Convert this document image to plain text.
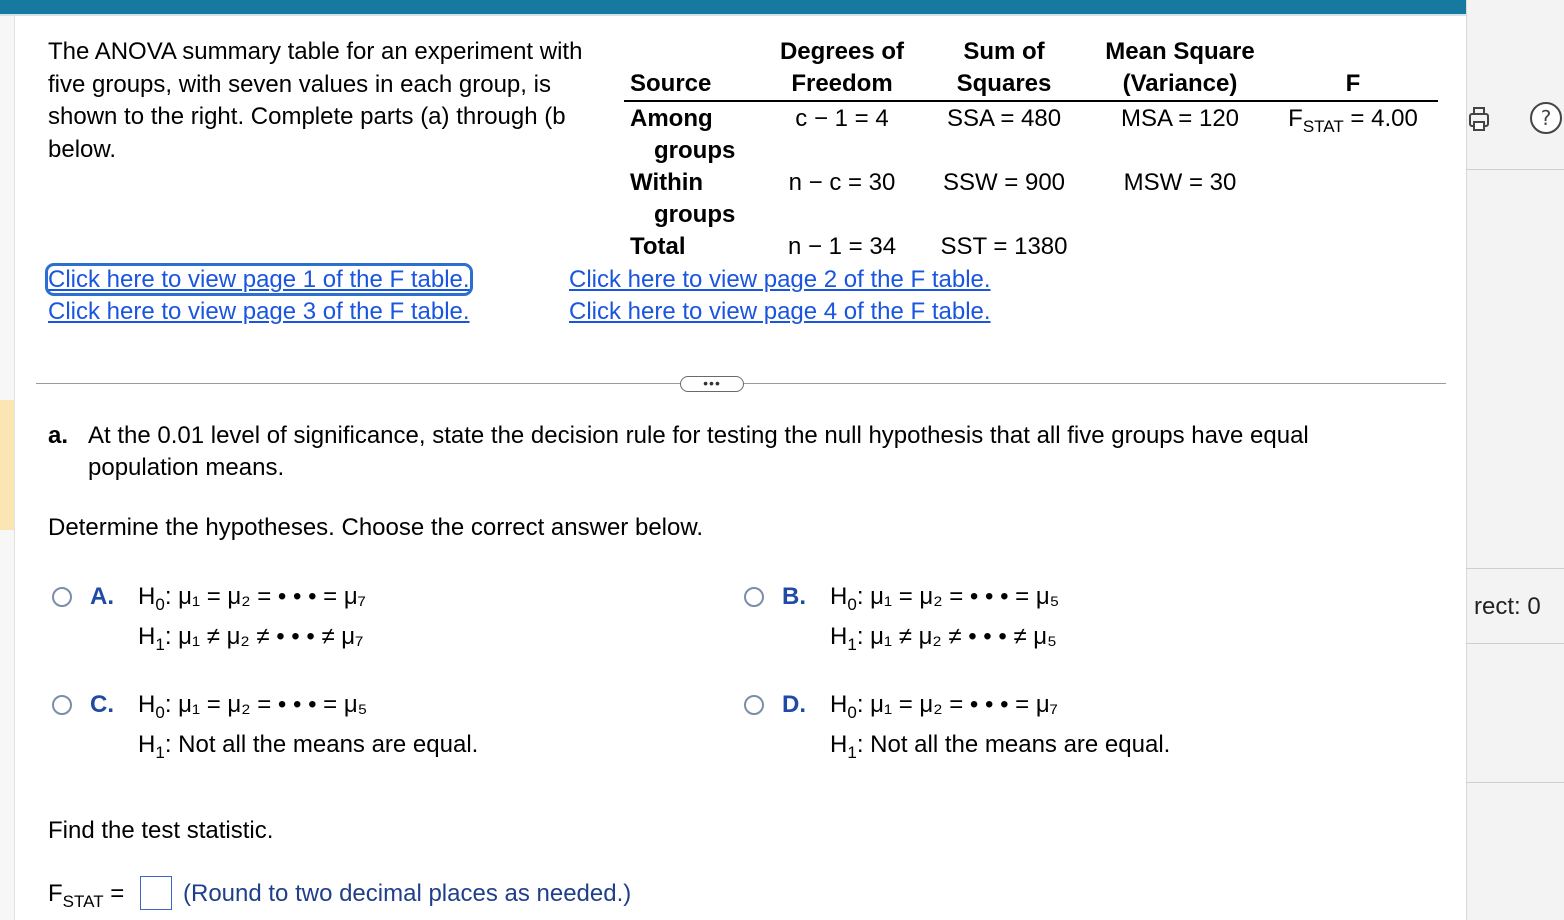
?
rect: 0
The ANOVA summary table for an experiment with five groups, with seven values in each group, is shown to the right. Complete parts (a) through (b below.
	Degrees of	Sum of	Mean Square	
Source	Freedom	Squares	(Variance)	F

Among
groups	c − 1 = 4	SSA = 480	MSA = 120	$F_{STAT} = 4.00$

Within
groups	n − c = 30	SSW = 900	MSW = 30	

Total	n − 1 = 34	SST = 1380		
Click here to view page 1 of the F table.	Click here to view page 2 of the F table.
Click here to view page 3 of the F table.	Click here to view page 4 of the F table.
•••
a. At the 0.01 level of significance, state the decision rule for testing the null hypothesis that all five groups have equal population means.
Determine the hypotheses. Choose the correct answer below.
A. $H_0$: μ₁ = μ₂ = • • • = μ₇
$H_1$: μ₁ ≠ μ₂ ≠ • • • ≠ μ₇
B. $H_0$: μ₁ = μ₂ = • • • = μ₅
$H_1$: μ₁ ≠ μ₂ ≠ • • • ≠ μ₅
C. $H_0$: μ₁ = μ₂ = • • • = μ₅
$H_1$: Not all the means are equal.
D. $H_0$: μ₁ = μ₂ = • • • = μ₇
$H_1$: Not all the means are equal.
Find the test statistic.
$F_{STAT}$ = (Round to two decimal places as needed.)
